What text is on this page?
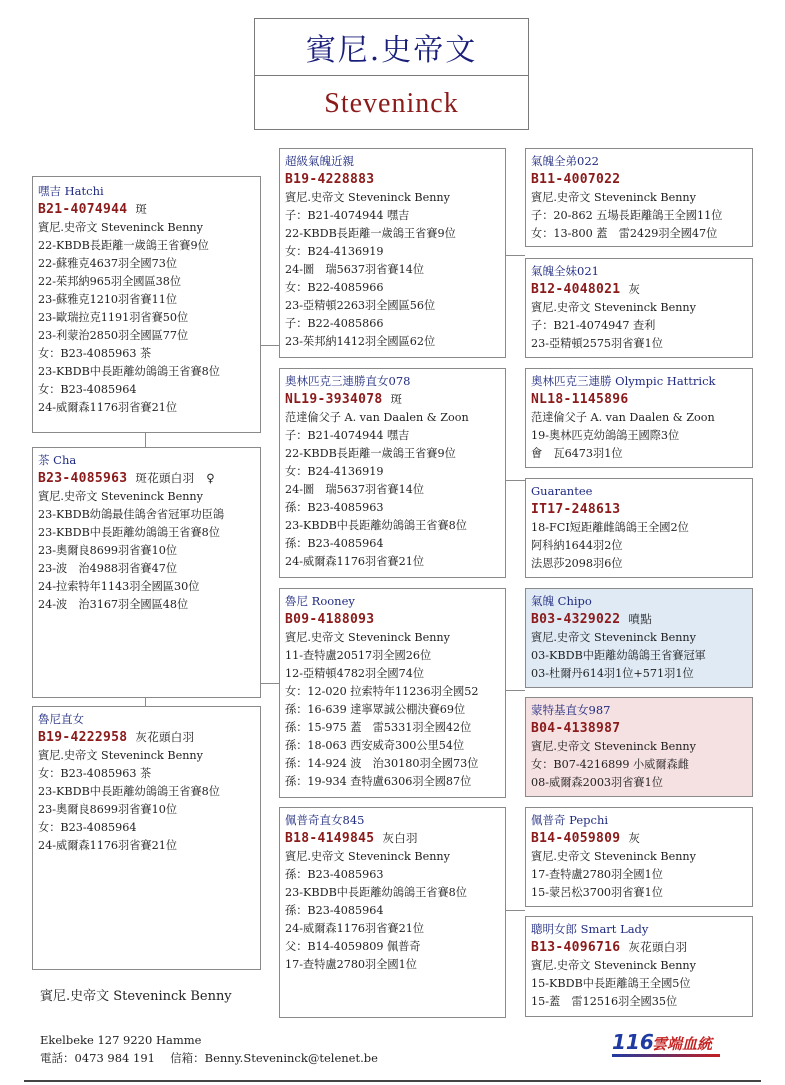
賓尼.史帝文
Steveninck
嘿吉 Hatchi
B21-4074944 斑
賓尼.史帝文 Steveninck Benny
22-KBDB長距離一歲鴿王省賽9位
22-蘇雅克4637羽全國73位
22-茱邦納965羽全國區38位
23-蘇雅克1210羽省賽11位
23-歐瑞拉克1191羽省賽50位
23-利蒙治2850羽全國區77位
女：B23-4085963 茶
23-KBDB中長距離幼鴿鴿王省賽8位
女：B23-4085964
24-威爾森1176羽省賽21位
茶 Cha
B23-4085963 斑花頭白羽　♀
賓尼.史帝文 Steveninck Benny
23-KBDB幼鴿最佳鴿舍省冠軍功臣鴿
23-KBDB中長距離幼鴿鴿王省賽8位
23-奧爾良8699羽省賽10位
23-波　治4988羽省賽47位
24-拉索特年1143羽全國區30位
24-波　治3167羽全國區48位
魯尼直女
B19-4222958 灰花頭白羽
賓尼.史帝文 Steveninck Benny
女：B23-4085963 茶
23-KBDB中長距離幼鴿鴿王省賽8位
23-奧爾良8699羽省賽10位
女：B23-4085964
24-威爾森1176羽省賽21位
超級氣魄近親
B19-4228883
賓尼.史帝文 Steveninck Benny
子：B21-4074944 嘿吉
22-KBDB長距離一歲鴿王省賽9位
女：B24-4136919
24-圖　瑞5637羽省賽14位
女：B22-4085966
23-亞精頓2263羽全國區56位
子：B22-4085866
23-茱邦納1412羽全國區62位
奧林匹克三連勝直女078
NL19-3934078 斑
范達倫父子 A. van Daalen & Zoon
子：B21-4074944 嘿吉
22-KBDB長距離一歲鴿王省賽9位
女：B24-4136919
24-圖　瑞5637羽省賽14位
孫：B23-4085963
23-KBDB中長距離幼鴿鴿王省賽8位
孫：B23-4085964
24-威爾森1176羽省賽21位
魯尼 Rooney
B09-4188093
賓尼.史帝文 Steveninck Benny
11-查特盧20517羽全國26位
12-亞精頓4782羽全國74位
女：12-020 拉索特年11236羽全國52
孫：16-639 達寧眾誠公棚決賽69位
孫：15-975 蓋　雷5331羽全國42位
孫：18-063 西安威奇300公里54位
孫：14-924 波　治30180羽全國73位
孫：19-934 查特盧6306羽全國87位
佩普奇直女845
B18-4149845 灰白羽
賓尼.史帝文 Steveninck Benny
孫：B23-4085963
23-KBDB中長距離幼鴿鴿王省賽8位
孫：B23-4085964
24-威爾森1176羽省賽21位
父：B14-4059809 佩普奇
17-查特盧2780羽全國1位
氣魄全弟022
B11-4007022
賓尼.史帝文 Steveninck Benny
子：20-862 五場長距離鴿王全國11位
女：13-800 蓋　雷2429羽全國47位
氣魄全妹021
B12-4048021 灰
賓尼.史帝文 Steveninck Benny
子：B21-4074947 查利
23-亞精頓2575羽省賽1位
奧林匹克三連勝 Olympic Hattrick
NL18-1145896
范達倫父子 A. van Daalen & Zoon
19-奧林匹克幼鴿鴿王國際3位
會　瓦6473羽1位
Guarantee
IT17-248613
18-FCI短距離雌鴿鴿王全國2位
阿科納1644羽2位
法恩莎2098羽6位
氣魄 Chipo
B03-4329022 噴點
賓尼.史帝文 Steveninck Benny
03-KBDB中距離幼鴿鴿王省賽冠軍
03-杜爾丹614羽1位+571羽1位
蒙特基直女987
B04-4138987
賓尼.史帝文 Steveninck Benny
女：B07-4216899 小威爾森雌
08-威爾森2003羽省賽1位
佩普奇 Pepchi
B14-4059809 灰
賓尼.史帝文 Steveninck Benny
17-查特盧2780羽全國1位
15-蒙呂松3700羽省賽1位
聰明女郎 Smart Lady
B13-4096716 灰花頭白羽
賓尼.史帝文 Steveninck Benny
15-KBDB中長距離鴿王全國5位
15-蓋　雷12516羽全國35位
賓尼.史帝文 Steveninck Benny
Ekelbeke 127 9220 Hamme
電話：0473 984 191　 信箱：Benny.Steveninck@telenet.be
116
雲端血統
